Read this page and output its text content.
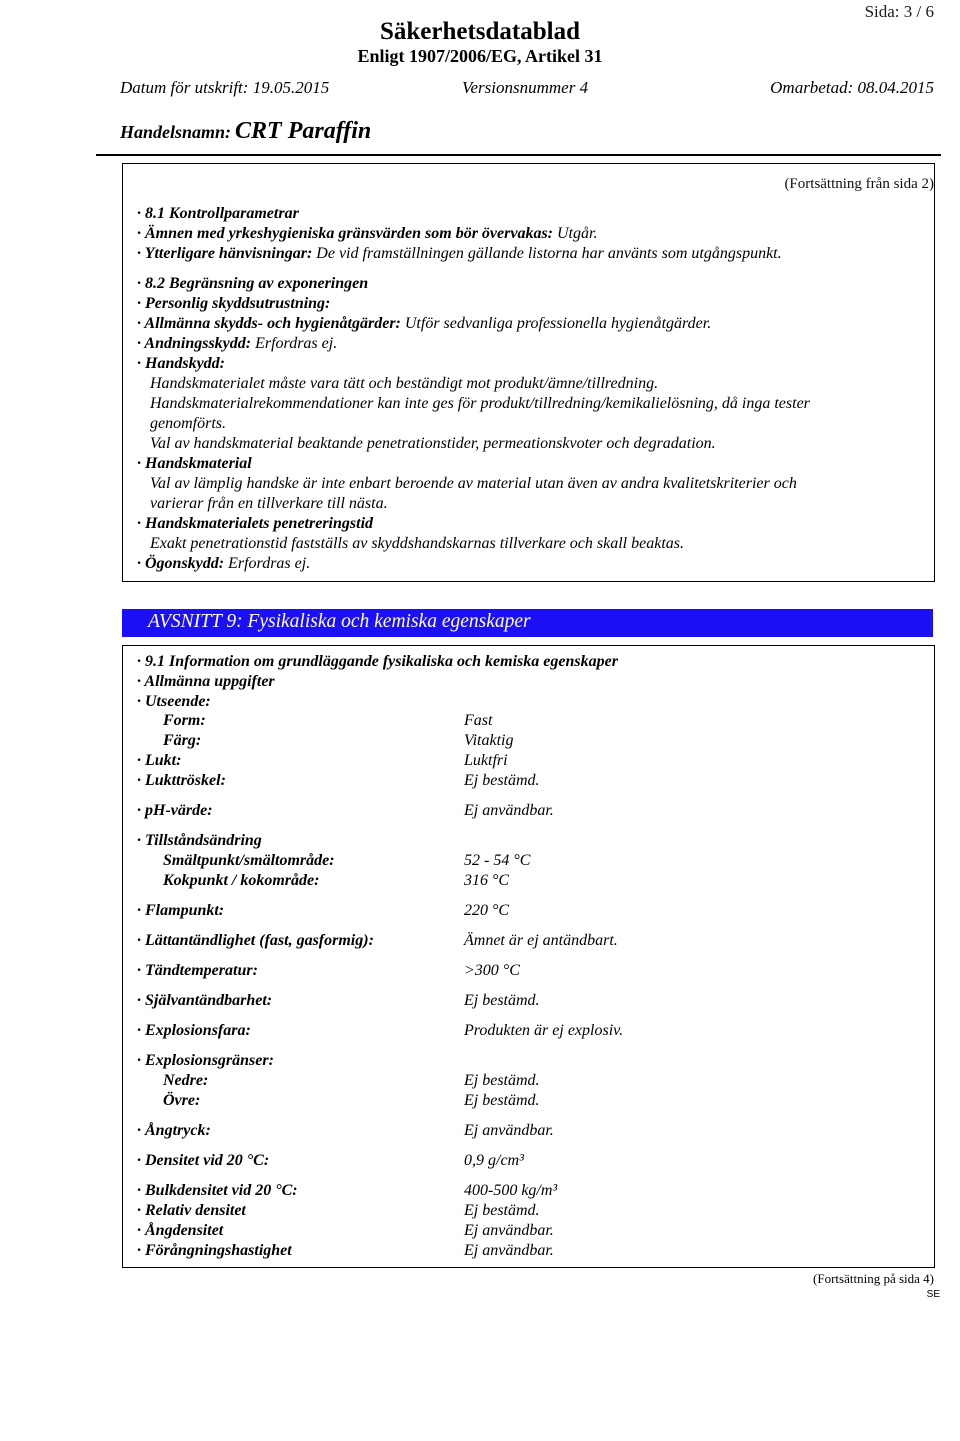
Sida: 3 / 6
Säkerhetsdatablad
Enligt 1907/2006/EG, Artikel 31
Datum för utskrift: 19.05.2015	Versionsnummer 4	Omarbetad: 08.04.2015
Handelsnamn: CRT Paraffin
(Fortsättning från sida 2)
· 8.1 Kontrollparametrar
· Ämnen med yrkeshygieniska gränsvärden som bör övervakas: Utgår.
· Ytterligare hänvisningar: De vid framställningen gällande listorna har använts som utgångspunkt.
· 8.2 Begränsning av exponeringen
· Personlig skyddsutrustning:
· Allmänna skydds- och hygienåtgärder: Utför sedvanliga professionella hygienåtgärder.
· Andningsskydd: Erfordras ej.
· Handskydd:
Handskmaterialet måste vara tätt och beständigt mot produkt/ämne/tillredning.
Handskmaterialrekommendationer kan inte ges för produkt/tillredning/kemikalielösning, då inga tester
genomförts.
Val av handskmaterial beaktande penetrationstider, permeationskvoter och degradation.
· Handskmaterial
Val av lämplig handske är inte enbart beroende av material utan även av andra kvalitetskriterier och
varierar från en tillverkare till nästa.
· Handskmaterialets penetreringstid
Exakt penetrationstid fastställs av skyddshandskarnas tillverkare och skall beaktas.
· Ögonskydd: Erfordras ej.
AVSNITT 9: Fysikaliska och kemiska egenskaper
· 9.1 Information om grundläggande fysikaliska och kemiska egenskaper
· Allmänna uppgifter
· Utseende:
Form:	Fast
Färg:	Vitaktig
· Lukt:	Luktfri
· Lukttröskel:	Ej bestämd.
· pH-värde:	Ej användbar.
· Tillståndsändring
Smältpunkt/smältområde:	52 - 54 °C
Kokpunkt / kokområde:	316 °C
· Flampunkt:	220 °C
· Lättantändlighet (fast, gasformig):	Ämnet är ej antändbart.
· Tändtemperatur:	>300 °C
· Självantändbarhet:	Ej bestämd.
· Explosionsfara:	Produkten är ej explosiv.
· Explosionsgränser:
Nedre:	Ej bestämd.
Övre:	Ej bestämd.
· Ångtryck:	Ej användbar.
· Densitet vid 20 °C:	0,9 g/cm³
· Bulkdensitet vid 20 °C:	400-500 kg/m³
· Relativ densitet	Ej bestämd.
· Ångdensitet	Ej användbar.
· Förångningshastighet	Ej användbar.
(Fortsättning på sida 4)
SE
